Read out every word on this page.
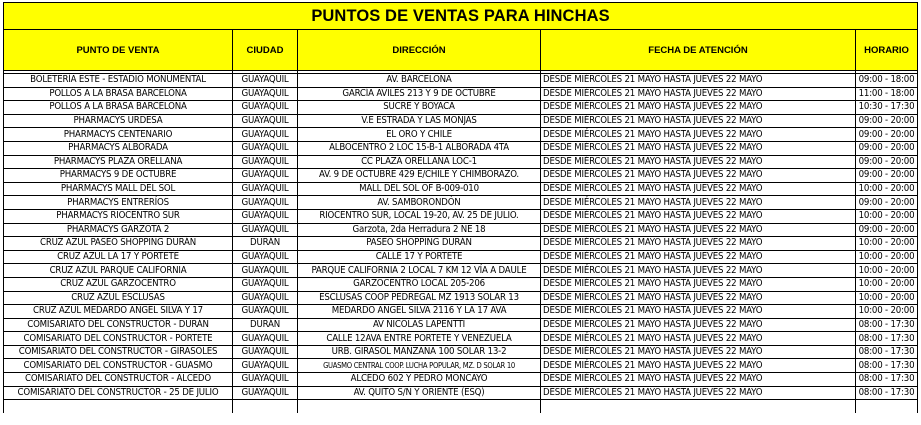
PUNTOS DE VENTAS PARA HINCHAS				
PUNTO DE VENTA	CIUDAD	DIRECCIÓN	FECHA DE ATENCIÓN	HORARIO

BOLETERÍA ESTE - ESTADIO MONUMENTAL	GUAYAQUIL	AV. BARCELONA	DESDE MIÉRCOLES 21 MAYO HASTA JUEVES 22 MAYO	09:00 - 18:00
POLLOS A LA BRASA BARCELONA	GUAYAQUIL	GARCÍA AVILES 213 Y 9 DE OCTUBRE	DESDE MIÉRCOLES 21 MAYO HASTA JUEVES 22 MAYO	11:00 - 18:00
POLLOS A LA BRASA BARCELONA	GUAYAQUIL	SUCRE Y BOYACA	DESDE MIÉRCOLES 21 MAYO HASTA JUEVES 22 MAYO	10:30 - 17:30
PHARMACYS URDESA	GUAYAQUIL	V.E ESTRADA Y LAS MONJAS	DESDE MIÉRCOLES 21 MAYO HASTA JUEVES 22 MAYO	09:00 - 20:00
PHARMACYS CENTENARIO	GUAYAQUIL	EL ORO Y CHILE	DESDE MIÉRCOLES 21 MAYO HASTA JUEVES 22 MAYO	09:00 - 20:00
PHARMACYS ALBORADA	GUAYAQUIL	ALBOCENTRO 2 LOC 15-B-1 ALBORADA 4TA	DESDE MIÉRCOLES 21 MAYO HASTA JUEVES 22 MAYO	09:00 - 20:00
PHARMACYS PLAZA ORELLANA	GUAYAQUIL	CC PLAZA ORELLANA LOC-1	DESDE MIÉRCOLES 21 MAYO HASTA JUEVES 22 MAYO	09:00 - 20:00
PHARMACYS 9 DE OCTUBRE	GUAYAQUIL	AV. 9 DE OCTUBRE 429 E/CHILE Y CHIMBORAZO.	DESDE MIÉRCOLES 21 MAYO HASTA JUEVES 22 MAYO	09:00 - 20:00
PHARMACYS MALL DEL SOL	GUAYAQUIL	MALL DEL SOL OF B-009-010	DESDE MIÉRCOLES 21 MAYO HASTA JUEVES 22 MAYO	10:00 - 20:00
PHARMACYS ENTRERÍOS	GUAYAQUIL	AV. SAMBORONDÓN	DESDE MIÉRCOLES 21 MAYO HASTA JUEVES 22 MAYO	09:00 - 20:00
PHARMACYS RIOCENTRO SUR	GUAYAQUIL	RIOCENTRO SUR, LOCAL 19-20, AV. 25 DE JULIO.	DESDE MIÉRCOLES 21 MAYO HASTA JUEVES 22 MAYO	10:00 - 20:00
PHARMACYS GARZOTA 2	GUAYAQUIL	Garzota, 2da Herradura 2 NE 18	DESDE MIÉRCOLES 21 MAYO HASTA JUEVES 22 MAYO	09:00 - 20:00
CRUZ AZUL PASEO SHOPPING DURÁN	DURÁN	PASEO SHOPPING DURÁN	DESDE MIÉRCOLES 21 MAYO HASTA JUEVES 22 MAYO	10:00 - 20:00
CRUZ AZUL LA 17 Y PORTETE	GUAYAQUIL	CALLE 17 Y PORTETE	DESDE MIÉRCOLES 21 MAYO HASTA JUEVES 22 MAYO	10:00 - 20:00
CRUZ AZUL PARQUE CALIFORNIA	GUAYAQUIL	PARQUE CALIFORNIA 2 LOCAL 7 KM 12 VÍA A DAULE	DESDE MIÉRCOLES 21 MAYO HASTA JUEVES 22 MAYO	10:00 - 20:00
CRUZ AZUL GARZOCENTRO	GUAYAQUIL	GARZOCENTRO LOCAL 205-206	DESDE MIÉRCOLES 21 MAYO HASTA JUEVES 22 MAYO	10:00 - 20:00
CRUZ AZUL ESCLUSAS	GUAYAQUIL	ESCLUSAS COOP PEDREGAL MZ 1913 SOLAR 13	DESDE MIÉRCOLES 21 MAYO HASTA JUEVES 22 MAYO	10:00 - 20:00
CRUZ AZUL MEDARDO ANGEL SILVA Y 17	GUAYAQUIL	MEDARDO ANGEL SILVA 2116 Y LA 17 AVA	DESDE MIÉRCOLES 21 MAYO HASTA JUEVES 22 MAYO	10:00 - 20:00
COMISARIATO DEL CONSTRUCTOR - DURÁN	DURÁN	AV NICOLAS LAPENTTI	DESDE MIÉRCOLES 21 MAYO HASTA JUEVES 22 MAYO	08:00 - 17:30
COMISARIATO DEL CONSTRUCTOR - PORTETE	GUAYAQUIL	CALLE 12AVA ENTRE PORTETE Y VENEZUELA	DESDE MIÉRCOLES 21 MAYO HASTA JUEVES 22 MAYO	08:00 - 17:30
COMISARIATO DEL CONSTRUCTOR - GIRASOLES	GUAYAQUIL	URB. GIRASOL MANZANA 100 SOLAR 13-2	DESDE MIÉRCOLES 21 MAYO HASTA JUEVES 22 MAYO	08:00 - 17:30
COMISARIATO DEL CONSTRUCTOR - GUASMO	GUAYAQUIL	GUASMO CENTRAL COOP. LUCHA POPULAR, MZ. D SOLAR 10	DESDE MIÉRCOLES 21 MAYO HASTA JUEVES 22 MAYO	08:00 - 17:30
COMISARIATO DEL CONSTRUCTOR - ALCEDO	GUAYAQUIL	ALCEDO 602 Y PEDRO MONCAYO	DESDE MIÉRCOLES 21 MAYO HASTA JUEVES 22 MAYO	08:00 - 17:30
COMISARIATO DEL CONSTRUCTOR - 25 DE JULIO	GUAYAQUIL	AV. QUITO S/N Y ORIENTE (ESQ)	DESDE MIÉRCOLES 21 MAYO HASTA JUEVES 22 MAYO	08:00 - 17:30
